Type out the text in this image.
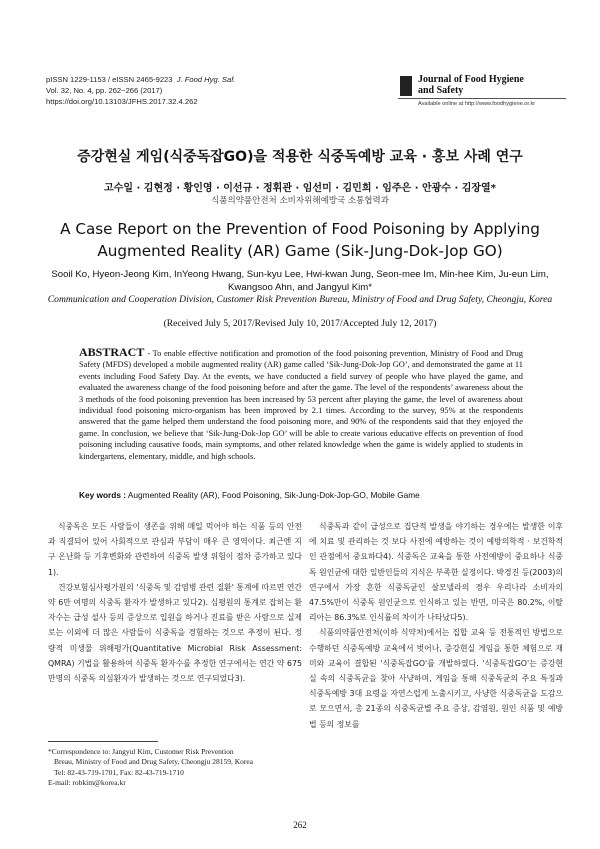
pISSN 1229-1153 / eISSN 2465-9223 J. Food Hyg. Saf.
Vol. 32, No. 4, pp. 262~266 (2017)
https://doi.org/10.13103/JFHS.2017.32.4.262
Journal of Food Hygiene
and Safety
Available online at http://www.foodhygiene.or.kr
증강현실 게임(식중독잡GO)을 적용한 식중독예방 교육 · 홍보 사례 연구
고수일 · 김현정 · 황인영 · 이선규 · 정휘관 · 임선미 · 김민희 · 임주은 · 안광수 · 김장열*
식품의약품안전처 소비자위해예방국 소통협력과
A Case Report on the Prevention of Food Poisoning by Applying Augmented Reality (AR) Game (Sik-Jung-Dok-Jop GO)
Sooil Ko, Hyeon-Jeong Kim, InYeong Hwang, Sun-kyu Lee, Hwi-kwan Jung, Seon-mee Im, Min-hee Kim, Ju-eun Lim, Kwangsoo Ahn, and Jangyul Kim*
Communication and Cooperation Division, Customer Risk Prevention Bureau, Ministry of Food and Drug Safety, Cheongju, Korea
(Received July 5, 2017/Revised July 10, 2017/Accepted July 12, 2017)
ABSTRACT - To enable effective notification and promotion of the food poisoning prevention, Ministry of Food and Drug Safety (MFDS) developed a mobile augmented reality (AR) game called ‘Sik-Jung-Dok-Jop GO’, and demonstrated the game at 11 events including Food Safety Day. At the events, we have conducted a field survey of people who have played the game, and evaluated the awareness change of the food poisoning before and after the game. The level of the respondents’ awareness about the 3 methods of the food poisoning prevention has been increased by 53 percent after playing the game, the level of awareness about individual food poisoning micro-organism has been improved by 2.1 times. According to the survey, 95% at the respondents answered that the game helped them understand the food poisoning more, and 90% of the respondents said that they enjoyed the game. In conclusion, we believe that ‘Sik-Jung-Dok-Jop GO’ will be able to create various educative effects on prevention of food poisoning including causative foods, main symptoms, and other related knowledge when the game is widely applied to students in kindergartens, elementary, middle, and high schools.
Key words : Augmented Reality (AR), Food Poisoning, Sik-Jung-Dok-Jop-GO, Mobile Game

식중독은 모든 사람들이 생존을 위해 매일 먹어야 하는 식품 등의 안전과 직결되어 있어 사회적으로 관심과 부담이 매우 큰 영역이다. 최근엔 지구 온난화 등 기후변화와 관련하여 식중독 발생 위험이 점차 증가하고 있다1).

건강보험심사평가원의 '식중독 및 감염병 관련 질환' 통계에 따르면 연간 약 6만 여명의 식중독 환자가 발생하고 있다2). 심평원의 통계로 잡히는 환자수는 급성 설사 등의 증상으로 입원을 하거나 진료를 받은 사람으로 실제로는 이외에 더 많은 사람들이 식중독을 경험하는 것으로 추정이 된다. 정량적 미생물 위해평가(Quantitative Microbial Risk Assessment: QMRA) 기법을 활용하여 식중독 환자수를 추정한 연구에서는 연간 약 675만명의 식중독 의심환자가 발생하는 것으로 연구되었다3).

식중독과 같이 급성으로 집단적 발생을 야기하는 경우에는 발생한 이후에 치료 및 관리하는 것 보다 사전에 예방하는 것이 예방의학적 · 보건학적인 관점에서 중요하다4). 식중독은 교육을 통한 사전예방이 중요하나 식중독 원인균에 대한 일반인들의 지식은 부족한 실정이다. 박경진 등(2003)의 연구에서 가장 흔한 식중독균인 살모넬라의 경우 우리나라 소비자의 47.5%만이 식중독 원인균으로 인식하고 있는 반면, 미국은 80.2%, 이탈리아는 86.3%로 인식률의 차이가 나타났다5).

식품의약품안전처(이하 식약처)에서는 집합 교육 등 전통적인 방법으로 수행하던 식중독예방 교육에서 벗어나, 증강현실 게임을 통한 체험으로 재미와 교육이 결합된 '식중독잡GO'를 개발하였다. '식중독잡GO'는 증강현실 속의 식중독균을 찾아 사냥하며, 게임을 통해 식중독균의 주요 특징과 식중독예방 3대 요령을 자연스럽게 노출시키고, 사냥한 식중독균을 도감으로 모으면서, 총 21종의 식중독균별 주요 증상, 감염원, 원인 식품 및 예방법 등의 정보를

*Correspondence to: Jangyul Kim, Customer Risk Prevention
Breau, Ministry of Food and Drug Safety, Cheongju 28159, Korea
Tel: 82-43-719-1701, Fax: 82-43-719-1710
E-mail: robkim@korea.kr
262
